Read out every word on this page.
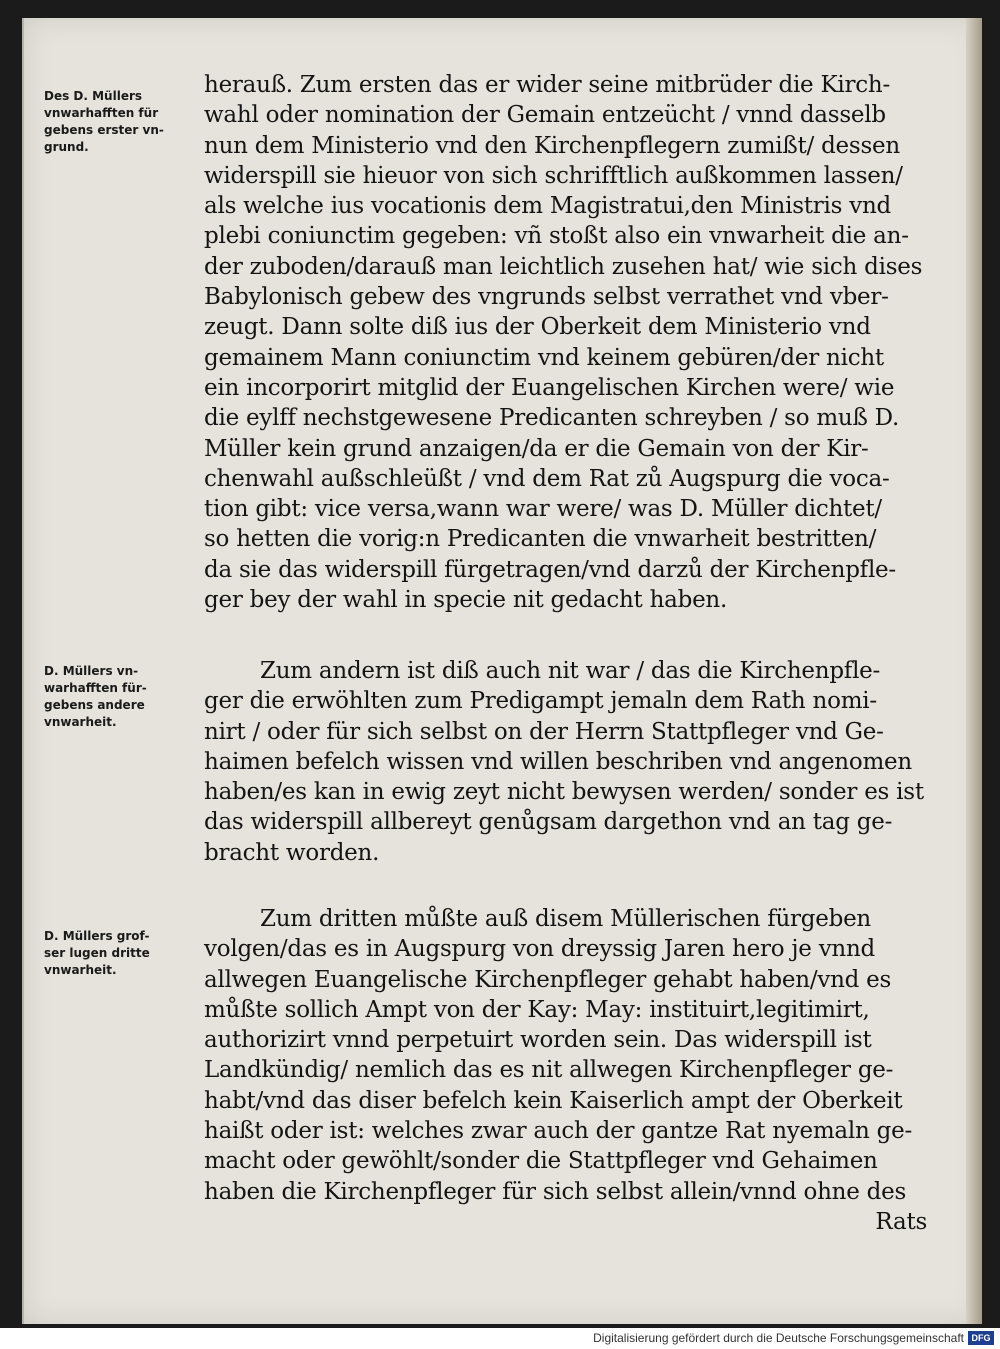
Des D. Müllers
vnwarhafften für
gebens erster vn-
grund.
D. Müllers vn-
warhafften für-
gebens andere
vnwarheit.
D. Müllers grof-
ser lugen dritte
vnwarheit.
herauß. Zum ersten das er wider seine mitbrüder die Kirch-
wahl oder nomination der Gemain entzeücht / vnnd dasselb
nun dem Ministerio vnd den Kirchenpflegern zumißt/ dessen
widerspill sie hieuor von sich schrifftlich außkommen lassen/
als welche ius vocationis dem Magistratui,den Ministris vnd
plebi coniunctim gegeben: vñ stoßt also ein vnwarheit die an-
der zuboden/darauß man leichtlich zusehen hat/ wie sich dises
Babylonisch gebew des vngrunds selbst verrathet vnd vber-
zeugt. Dann solte diß ius der Oberkeit dem Ministerio vnd
gemainem Mann coniunctim vnd keinem gebüren/der nicht
ein incorporirt mitglid der Euangelischen Kirchen were/ wie
die eylff nechstgewesene Predicanten schreyben / so muß D.
Müller kein grund anzaigen/da er die Gemain von der Kir-
chenwahl außschleüßt / vnd dem Rat zů Augspurg die voca-
tion gibt: vice versa,wann war were/ was D. Müller dichtet/
so hetten die vorig:n Predicanten die vnwarheit bestritten/
da sie das widerspill fürgetragen/vnd darzů der Kirchenpfle-
ger bey der wahl in specie nit gedacht haben.
Zum andern ist diß auch nit war / das die Kirchenpfle-
ger die erwöhlten zum Predigampt jemaln dem Rath nomi-
nirt / oder für sich selbst on der Herrn Stattpfleger vnd Ge-
haimen befelch wissen vnd willen beschriben vnd angenomen
haben/es kan in ewig zeyt nicht bewysen werden/ sonder es ist
das widerspill allbereyt genůgsam dargethon vnd an tag ge-
bracht worden.
Zum dritten můßte auß disem Müllerischen fürgeben
volgen/das es in Augspurg von dreyssig Jaren hero je vnnd
allwegen Euangelische Kirchenpfleger gehabt haben/vnd es
můßte sollich Ampt von der Kay: May: instituirt,legitimirt,
authorizirt vnnd perpetuirt worden sein. Das widerspill ist
Landkündig/ nemlich das es nit allwegen Kirchenpfleger ge-
habt/vnd das diser befelch kein Kaiserlich ampt der Oberkeit
haißt oder ist: welches zwar auch der gantze Rat nyemaln ge-
macht oder gewöhlt/sonder die Stattpfleger vnd Gehaimen
haben die Kirchenpfleger für sich selbst allein/vnnd ohne des
Rats
Digitalisierung gefördert durch die Deutsche Forschungsgemeinschaft DFG
